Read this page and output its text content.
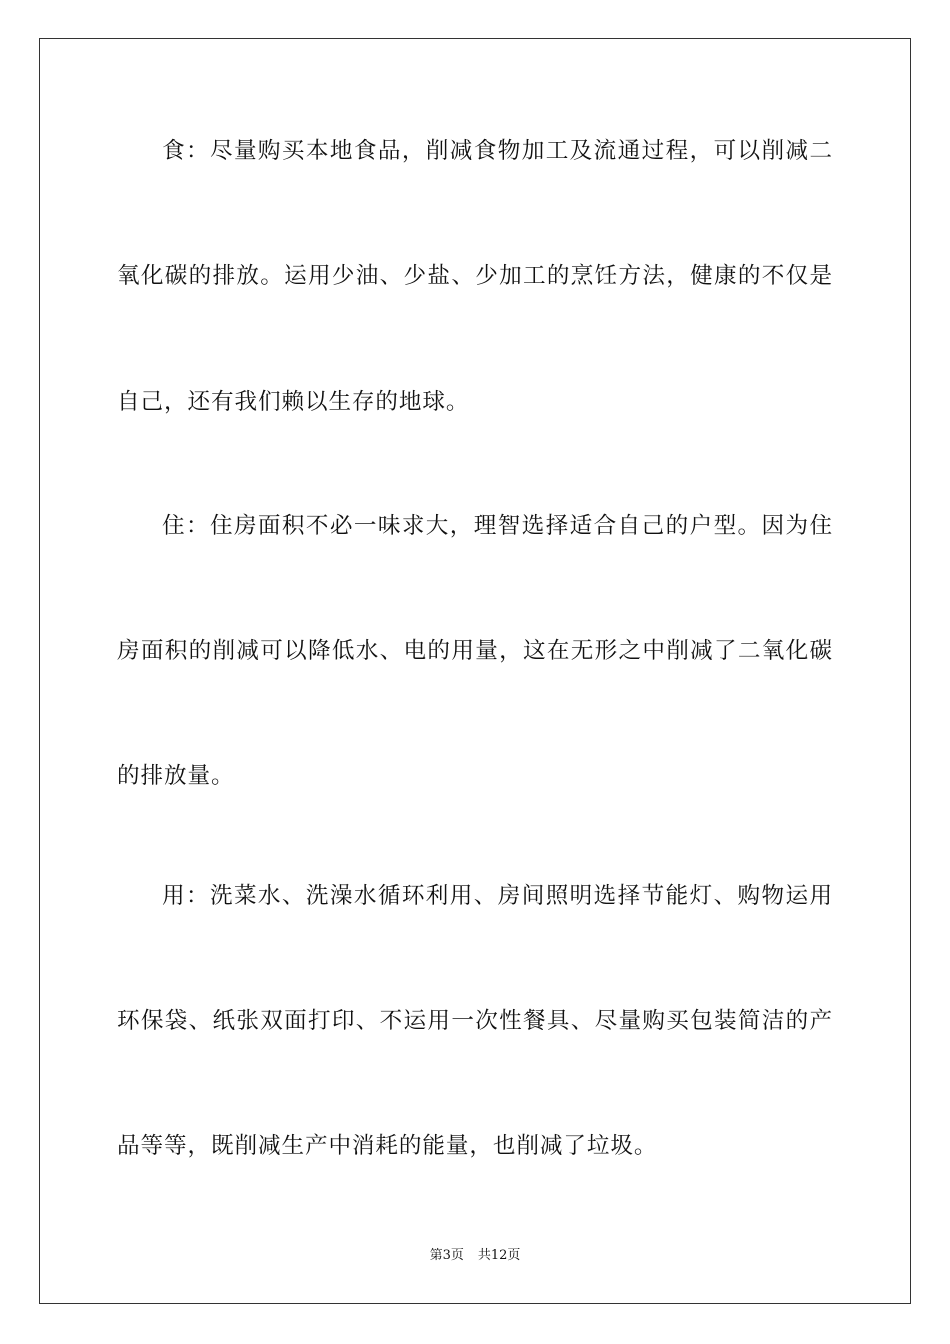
食：尽量购买本地食品，削减食物加工及流通过程，可以削减二
氧化碳的排放。运用少油、少盐、少加工的烹饪方法，健康的不仅是
自己，还有我们赖以生存的地球。
住：住房面积不必一味求大，理智选择适合自己的户型。因为住
房面积的削减可以降低水、电的用量，这在无形之中削减了二氧化碳
的排放量。
用：洗菜水、洗澡水循环利用、房间照明选择节能灯、购物运用
环保袋、纸张双面打印、不运用一次性餐具、尽量购买包装简洁的产
品等等，既削减生产中消耗的能量，也削减了垃圾。
第3页 共12页
